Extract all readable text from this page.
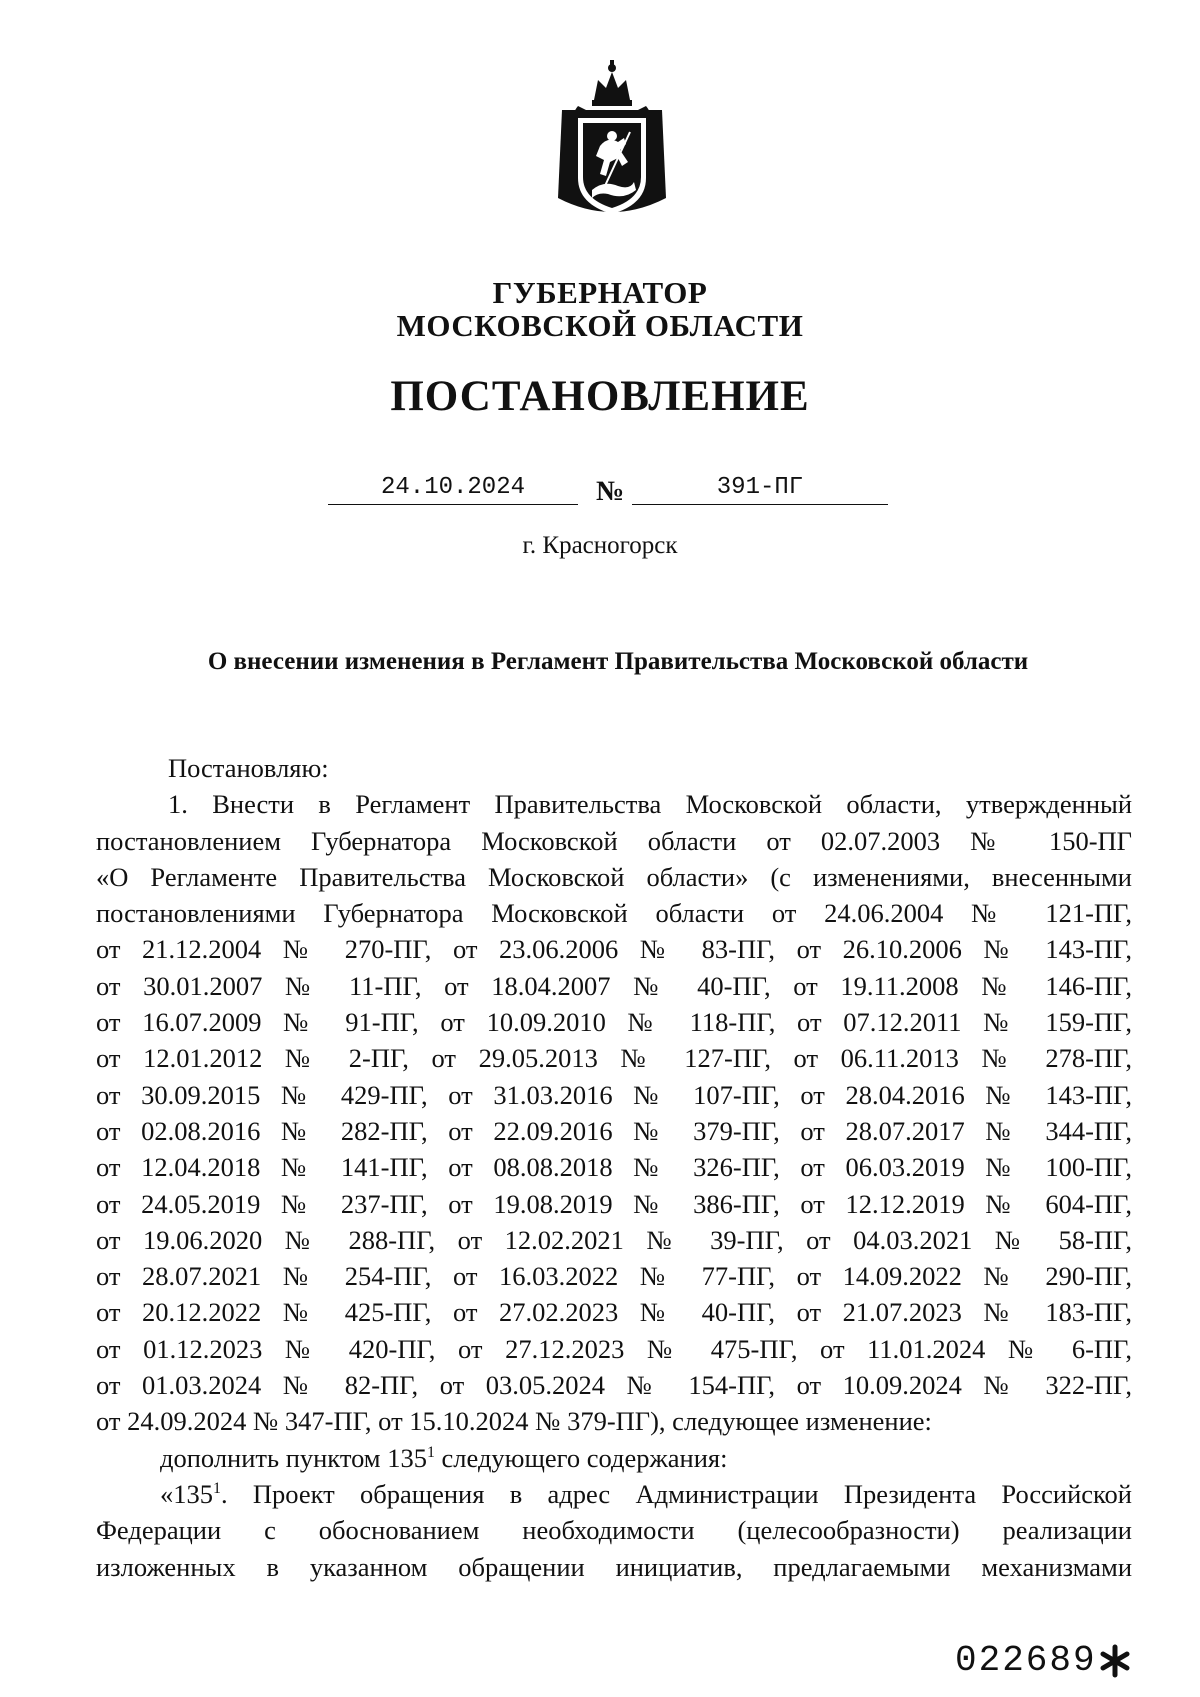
ГУБЕРНАТОР
МОСКОВСКОЙ ОБЛАСТИ
ПОСТАНОВЛЕНИЕ
24.10.2024	№	391-ПГ
г. Красногорск
О внесении изменения в Регламент Правительства Московской области
Постановляю:
1. Внести в Регламент Правительства Московской области, утвержденный
постановлением Губернатора Московской области от 02.07.2003 № 150-ПГ
«О Регламенте Правительства Московской области» (с изменениями, внесенными
постановлениями Губернатора Московской области от 24.06.2004 № 121-ПГ,
от 21.12.2004 № 270-ПГ, от 23.06.2006 № 83-ПГ, от 26.10.2006 № 143-ПГ,
от 30.01.2007 № 11-ПГ, от 18.04.2007 № 40-ПГ, от 19.11.2008 № 146-ПГ,
от 16.07.2009 № 91-ПГ, от 10.09.2010 № 118-ПГ, от 07.12.2011 № 159-ПГ,
от 12.01.2012 № 2-ПГ, от 29.05.2013 № 127-ПГ, от 06.11.2013 № 278-ПГ,
от 30.09.2015 № 429-ПГ, от 31.03.2016 № 107-ПГ, от 28.04.2016 № 143-ПГ,
от 02.08.2016 № 282-ПГ, от 22.09.2016 № 379-ПГ, от 28.07.2017 № 344-ПГ,
от 12.04.2018 № 141-ПГ, от 08.08.2018 № 326-ПГ, от 06.03.2019 № 100-ПГ,
от 24.05.2019 № 237-ПГ, от 19.08.2019 № 386-ПГ, от 12.12.2019 № 604-ПГ,
от 19.06.2020 № 288-ПГ, от 12.02.2021 № 39-ПГ, от 04.03.2021 № 58-ПГ,
от 28.07.2021 № 254-ПГ, от 16.03.2022 № 77-ПГ, от 14.09.2022 № 290-ПГ,
от 20.12.2022 № 425-ПГ, от 27.02.2023 № 40-ПГ, от 21.07.2023 № 183-ПГ,
от 01.12.2023 № 420-ПГ, от 27.12.2023 № 475-ПГ, от 11.01.2024 № 6-ПГ,
от 01.03.2024 № 82-ПГ, от 03.05.2024 № 154-ПГ, от 10.09.2024 № 322-ПГ,
от 24.09.2024 № 347-ПГ, от 15.10.2024 № 379-ПГ), следующее изменение:
дополнить пунктом $135^1$ следующего содержания:
«$135^1$. Проект обращения в адрес Администрации Президента Российской
Федерации с обоснованием необходимости (целесообразности) реализации
изложенных в указанном обращении инициатив, предлагаемыми механизмами
022689
